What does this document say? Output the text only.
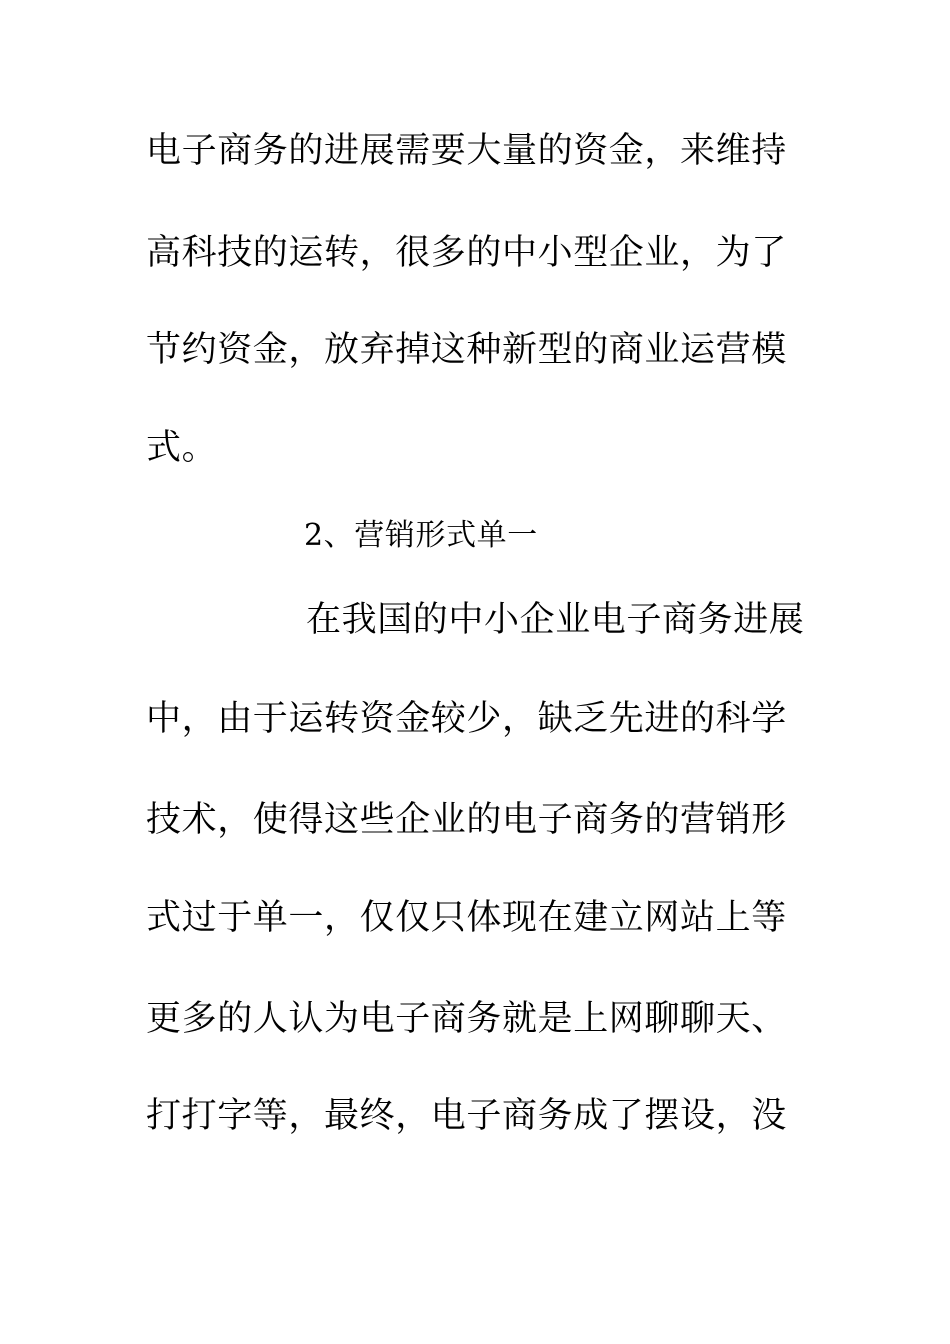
电子商务的进展需要大量的资金，来维持
高科技的运转，很多的中小型企业，为了
节约资金，放弃掉这种新型的商业运营模
式。
2、营销形式单一
在我国的中小企业电子商务进展
中，由于运转资金较少，缺乏先进的科学
技术，使得这些企业的电子商务的营销形
式过于单一，仅仅只体现在建立网站上等
更多的人认为电子商务就是上网聊聊天、
打打字等，最终，电子商务成了摆设，没
